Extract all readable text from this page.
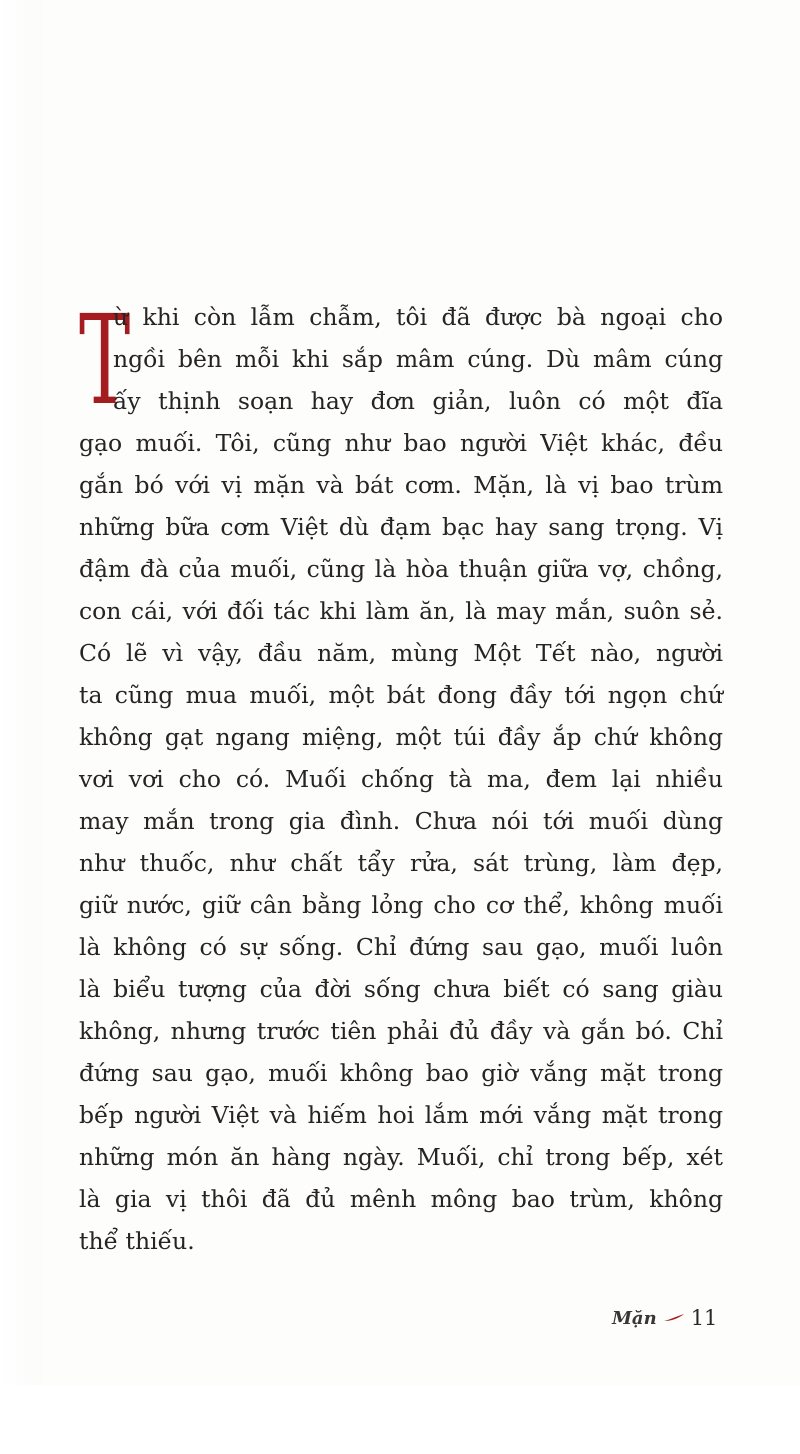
T
ừ khi còn lẫm chẫm, tôi đã được bà ngoại cho
ngồi bên mỗi khi sắp mâm cúng. Dù mâm cúng
ấy thịnh soạn hay đơn giản, luôn có một đĩa
gạo muối. Tôi, cũng như bao người Việt khác, đều
gắn bó với vị mặn và bát cơm. Mặn, là vị bao trùm
những bữa cơm Việt dù đạm bạc hay sang trọng. Vị
đậm đà của muối, cũng là hòa thuận giữa vợ, chồng,
con cái, với đối tác khi làm ăn, là may mắn, suôn sẻ.
Có lẽ vì vậy, đầu năm, mùng Một Tết nào, người
ta cũng mua muối, một bát đong đầy tới ngọn chứ
không gạt ngang miệng, một túi đầy ắp chứ không
vơi vơi cho có. Muối chống tà ma, đem lại nhiều
may mắn trong gia đình. Chưa nói tới muối dùng
như thuốc, như chất tẩy rửa, sát trùng, làm đẹp,
giữ nước, giữ cân bằng lỏng cho cơ thể, không muối
là không có sự sống. Chỉ đứng sau gạo, muối luôn
là biểu tượng của đời sống chưa biết có sang giàu
không, nhưng trước tiên phải đủ đầy và gắn bó. Chỉ
đứng sau gạo, muối không bao giờ vắng mặt trong
bếp người Việt và hiếm hoi lắm mới vắng mặt trong
những món ăn hàng ngày. Muối, chỉ trong bếp, xét
là gia vị thôi đã đủ mênh mông bao trùm, không
thể thiếu.
Mặn 11
